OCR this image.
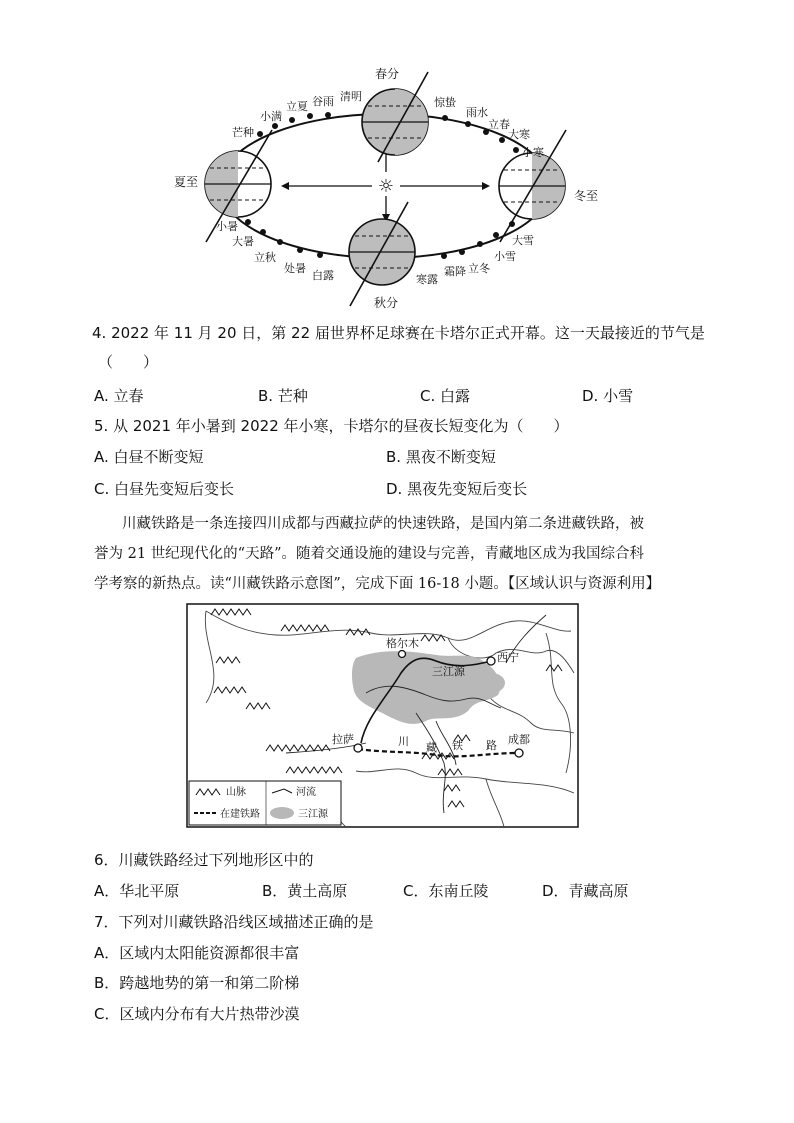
☼
春分
夏至
秋分
冬至
惊蛰
雨水
立春
大寒
小寒
大雪
小雪
立冬
霜降
寒露
白露
处暑
立秋
大暑
小暑
芒种
小满
立夏 谷雨 清明
4. 2022 年 11 月 20 日，第 22 届世界杯足球赛在卡塔尔正式开幕。这一天最接近的节气是
（　　）
A. 立春	B. 芒种	C. 白露	D. 小雪
5. 从 2021 年小暑到 2022 年小寒，卡塔尔的昼夜长短变化为（　　）
A. 白昼不断变短	B. 黑夜不断变短
C. 白昼先变短后变长	D. 黑夜先变短后变长
川藏铁路是一条连接四川成都与西藏拉萨的快速铁路，是国内第二条进藏铁路，被
誉为 21 世纪现代化的“天路”。随着交通设施的建设与完善，青藏地区成为我国综合科
学考察的新热点。读“川藏铁路示意图”，完成下面 16-18 小题。【区域认识与资源利用】
格尔木
三江源
西宁
拉萨	川 藏 铁 路 成都
山脉	河流
在建铁路	三江源
6．川藏铁路经过下列地形区中的
A．华北平原	B．黄土高原	C．东南丘陵	D．青藏高原
7．下列对川藏铁路沿线区域描述正确的是
A．区域内太阳能资源都很丰富
B．跨越地势的第一和第二阶梯
C．区域内分布有大片热带沙漠
